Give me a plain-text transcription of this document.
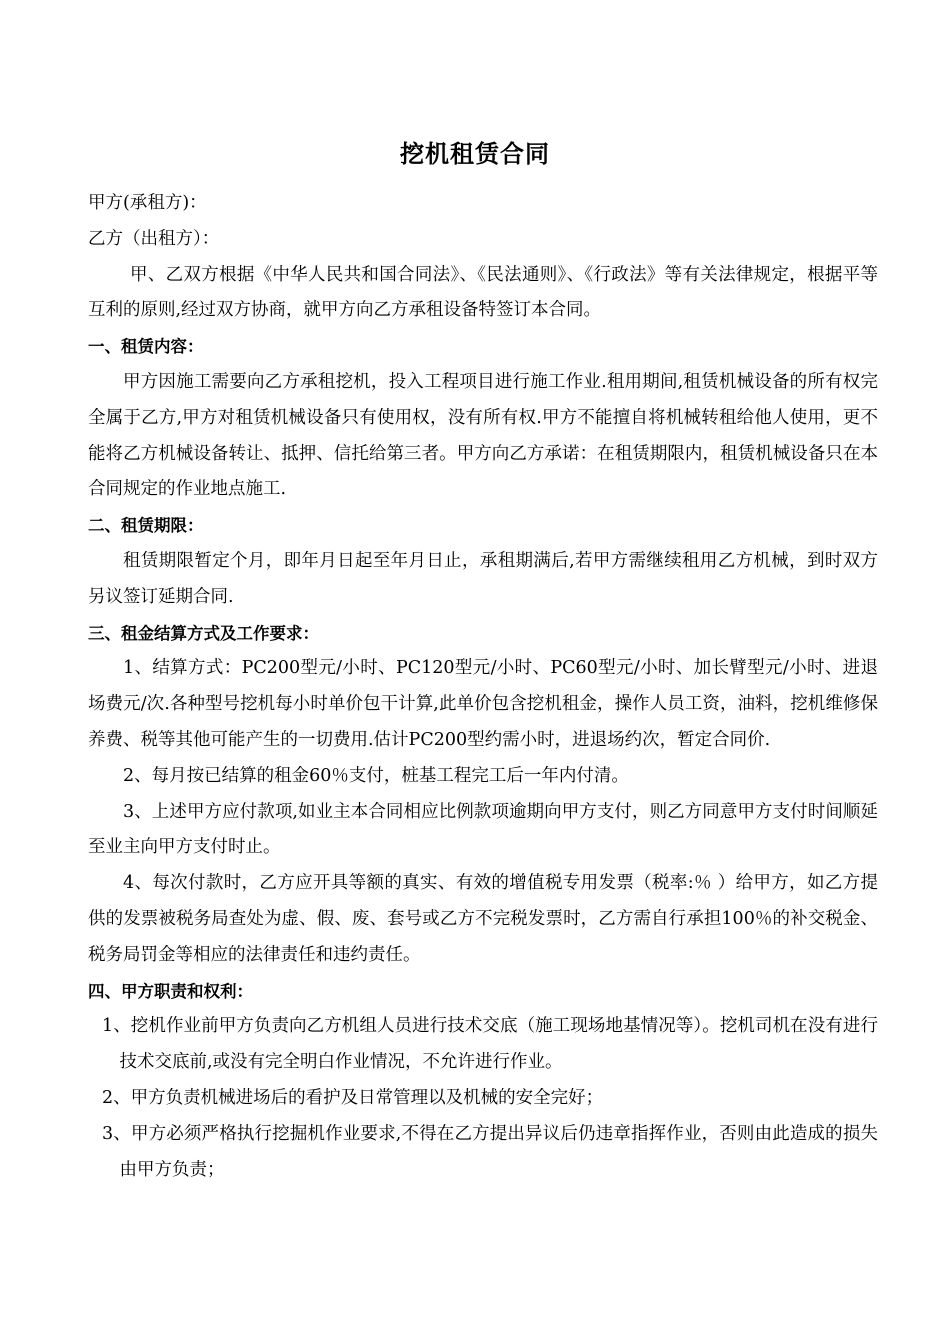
挖机租赁合同

甲方(承租方)：

乙方（出租方）：

甲、乙双方根据《中华人民共和国合同法》、《民法通则》、《行政法》等有关法律规定，根据平等互利的原则,经过双方协商，就甲方向乙方承租设备特签订本合同。

一、租赁内容：

甲方因施工需要向乙方承租挖机，投入工程项目进行施工作业.租用期间,租赁机械设备的所有权完全属于乙方,甲方对租赁机械设备只有使用权，没有所有权.甲方不能擅自将机械转租给他人使用，更不能将乙方机械设备转让、抵押、信托给第三者。甲方向乙方承诺：在租赁期限内，租赁机械设备只在本合同规定的作业地点施工.

二、租赁期限：

租赁期限暂定个月，即年月日起至年月日止，承租期满后,若甲方需继续租用乙方机械，到时双方另议签订延期合同.

三、租金结算方式及工作要求：

1、结算方式：PC200型元/小时、PC120型元/小时、PC60型元/小时、加长臂型元/小时、进退场费元/次.各种型号挖机每小时单价包干计算,此单价包含挖机租金，操作人员工资，油料，挖机维修保养费、税等其他可能产生的一切费用.估计PC200型约需小时，进退场约次，暂定合同价.

2、每月按已结算的租金60％支付，桩基工程完工后一年内付清。

3、上述甲方应付款项,如业主本合同相应比例款项逾期向甲方支付，则乙方同意甲方支付时间顺延至业主向甲方支付时止。

4、每次付款时，乙方应开具等额的真实、有效的增值税专用发票（税率:％ ）给甲方，如乙方提供的发票被税务局查处为虚、假、废、套号或乙方不完税发票时，乙方需自行承担100％的补交税金、税务局罚金等相应的法律责任和违约责任。

四、甲方职责和权利：

1、挖机作业前甲方负责向乙方机组人员进行技术交底（施工现场地基情况等）。挖机司机在没有进行技术交底前,或没有完全明白作业情况，不允许进行作业。

2、甲方负责机械进场后的看护及日常管理以及机械的安全完好；

3、甲方必须严格执行挖掘机作业要求,不得在乙方提出异议后仍违章指挥作业，否则由此造成的损失由甲方负责；
